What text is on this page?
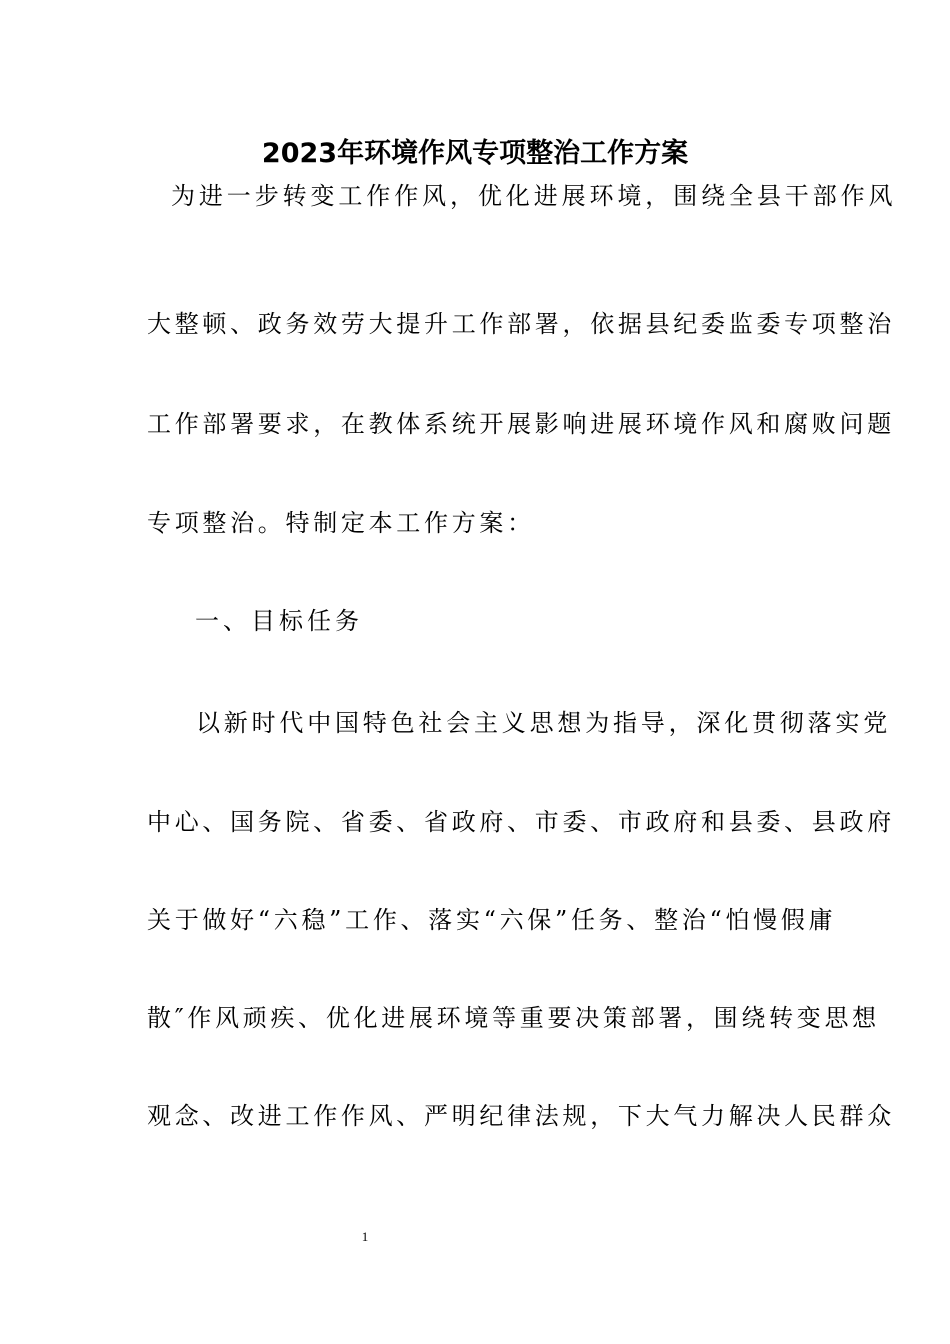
2023年环境作风专项整治工作方案
为进一步转变工作作风，优化进展环境，围绕全县干部作风
大整顿、政务效劳大提升工作部署，依据县纪委监委专项整治
工作部署要求，在教体系统开展影响进展环境作风和腐败问题
专项整治。特制定本工作方案：
一、目标任务
以新时代中国特色社会主义思想为指导，深化贯彻落实党
中心、国务院、省委、省政府、市委、市政府和县委、县政府
关于做好“六稳”工作、落实“六保”任务、整治“怕慢假庸
散″作风顽疾、优化进展环境等重要决策部署，围绕转变思想
观念、改进工作作风、严明纪律法规，下大气力解决人民群众
1
